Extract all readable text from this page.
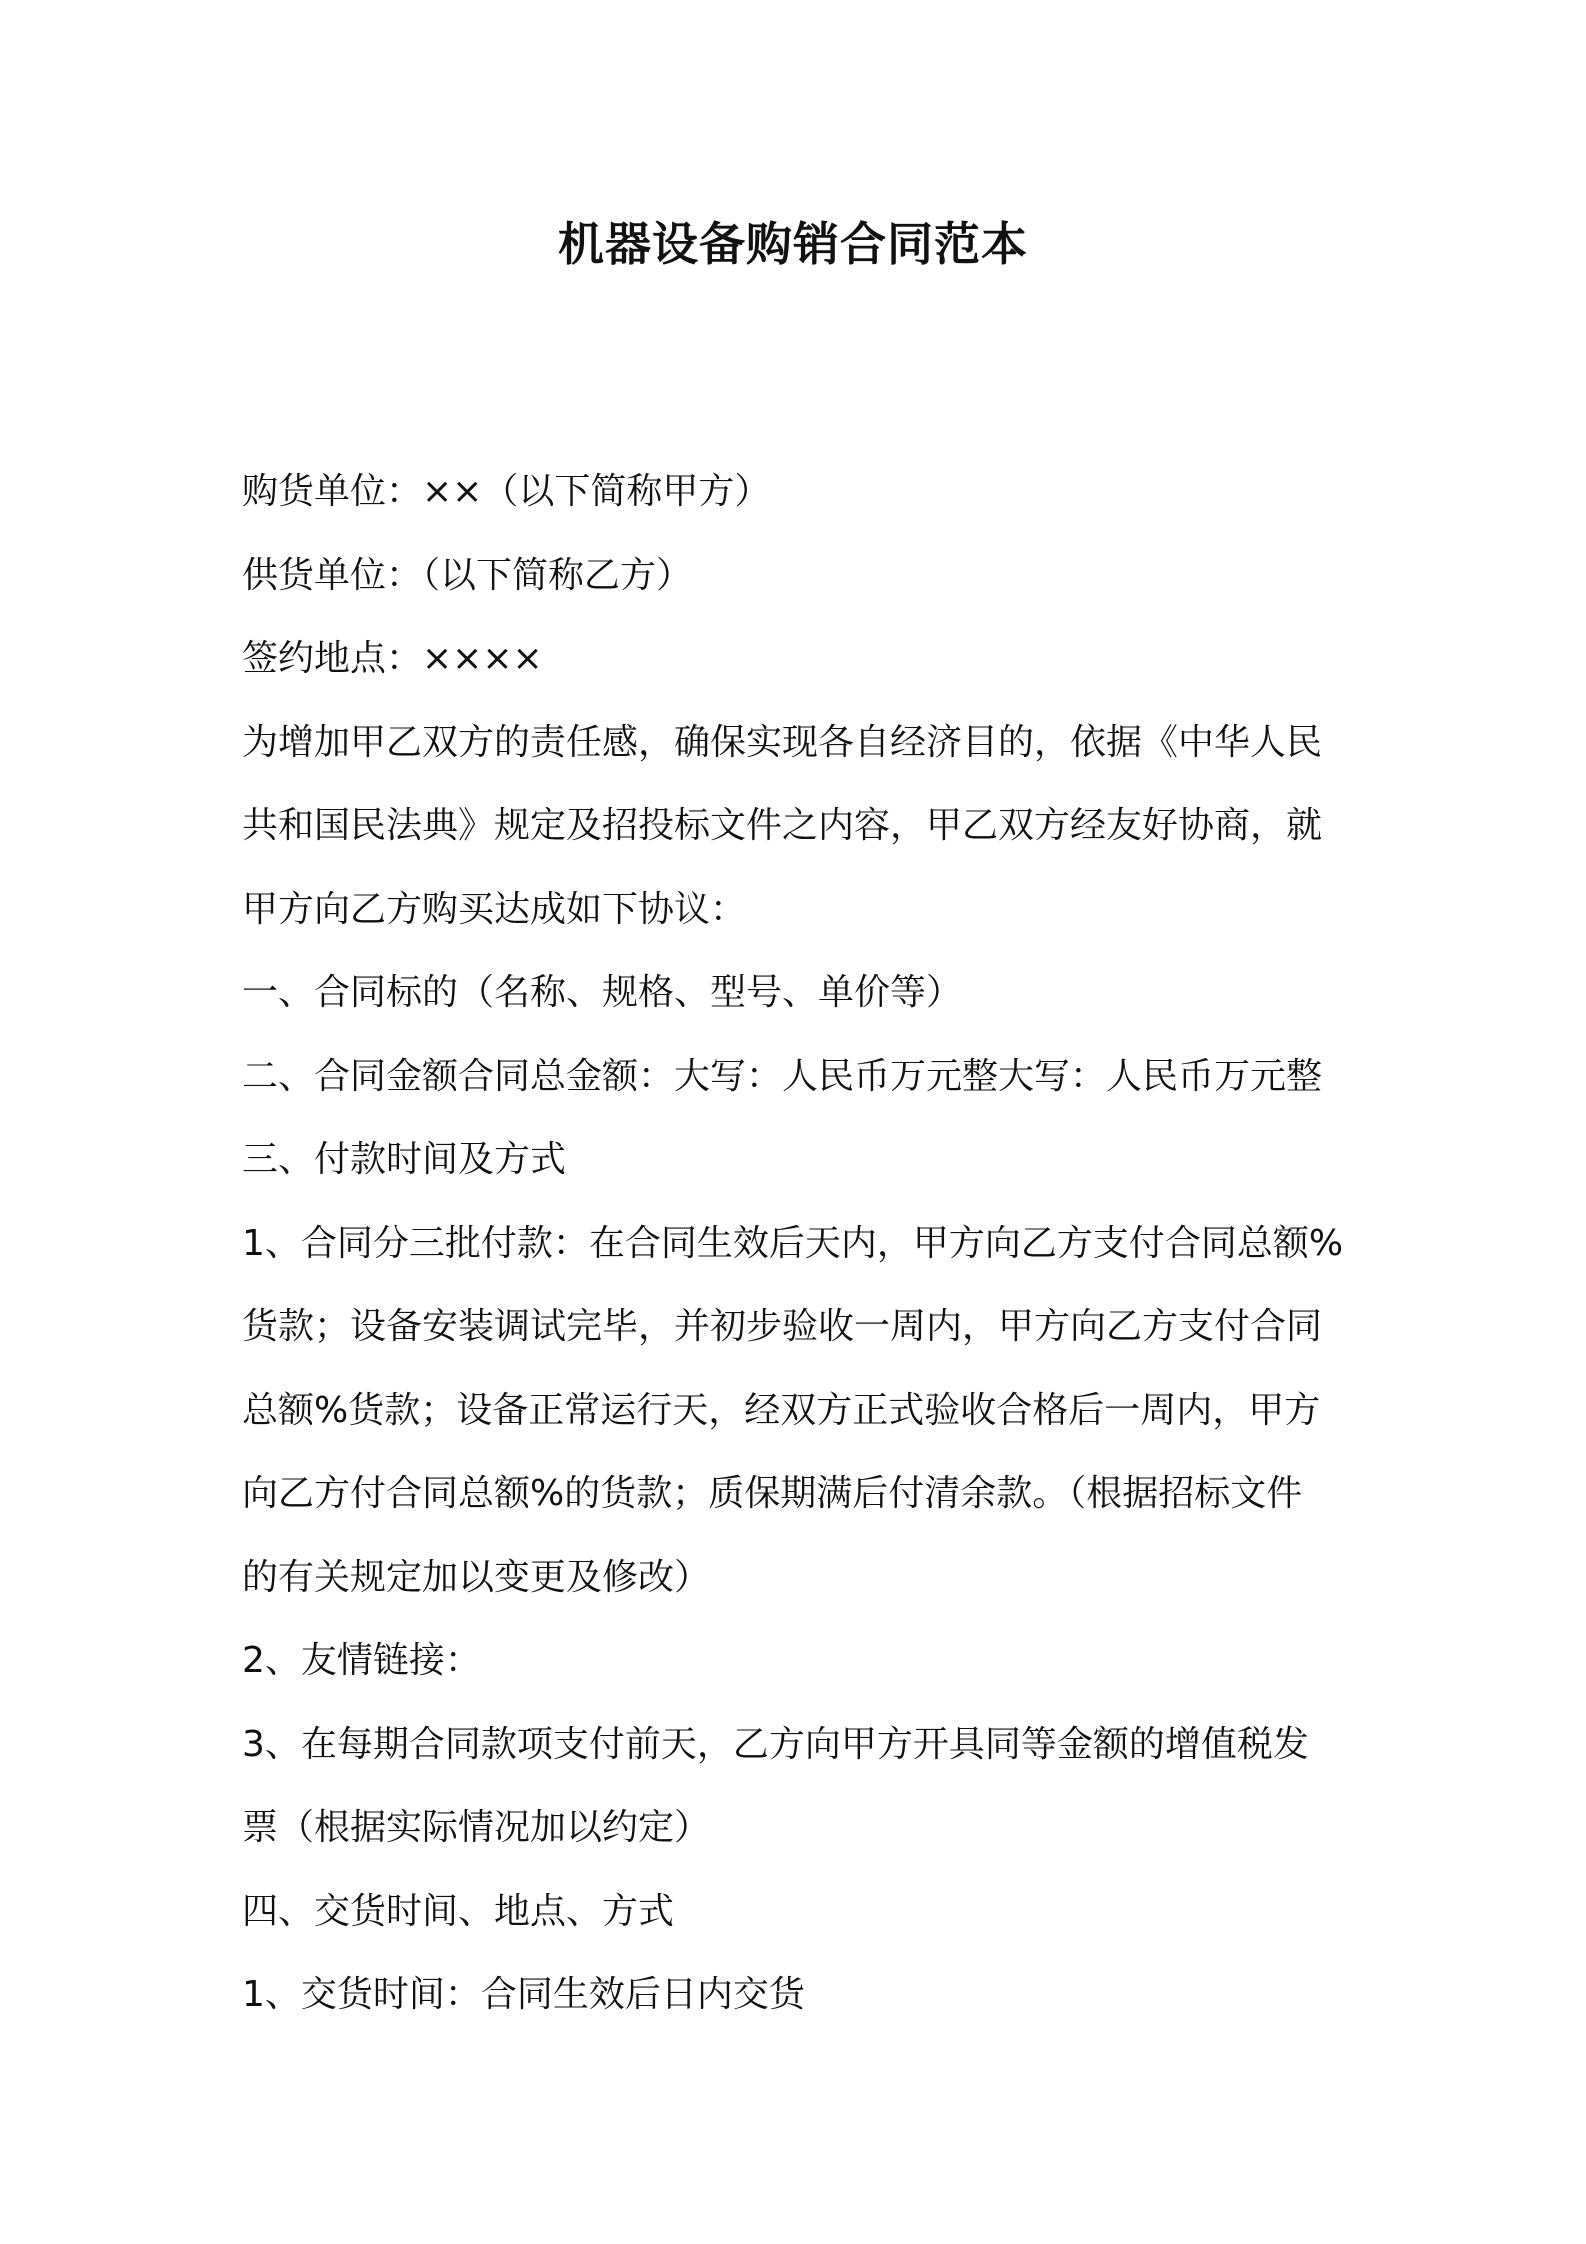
机器设备购销合同范本

购货单位：××（以下简称甲方）

供货单位：（以下简称乙方）

签约地点：××××

为增加甲乙双方的责任感，确保实现各自经济目的，依据《中华人民

共和国民法典》规定及招投标文件之内容，甲乙双方经友好协商，就

甲方向乙方购买达成如下协议：

一、合同标的（名称、规格、型号、单价等）

二、合同金额合同总金额：大写：人民币万元整大写：人民币万元整

三、付款时间及方式

1、合同分三批付款：在合同生效后天内，甲方向乙方支付合同总额%

货款；设备安装调试完毕，并初步验收一周内，甲方向乙方支付合同

总额%货款；设备正常运行天，经双方正式验收合格后一周内，甲方

向乙方付合同总额%的货款；质保期满后付清余款。（根据招标文件

的有关规定加以变更及修改）

2、友情链接：

3、在每期合同款项支付前天，乙方向甲方开具同等金额的增值税发

票（根据实际情况加以约定）

四、交货时间、地点、方式

1、交货时间：合同生效后日内交货
